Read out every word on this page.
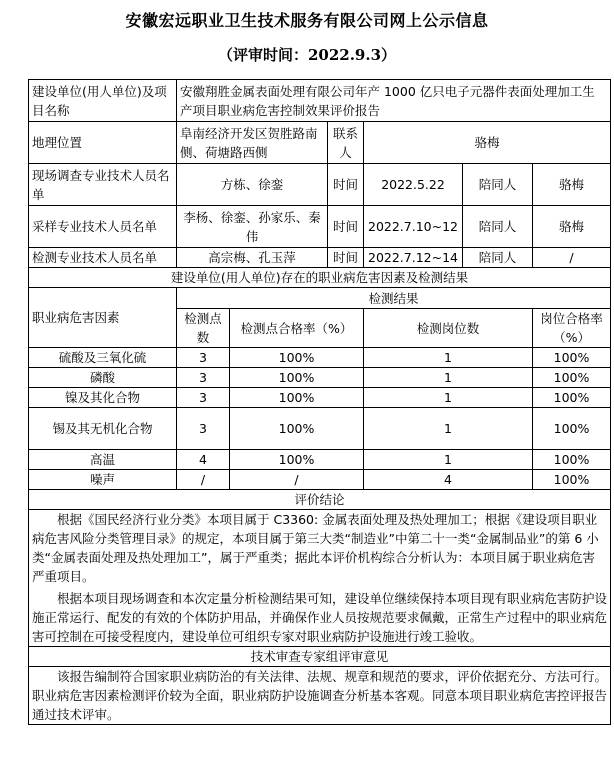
安徽宏远职业卫生技术服务有限公司网上公示信息
（评审时间：2022.9.3）
建设单位(用人单位)及项目名称	安徽翔胜金属表面处理有限公司年产 1000 亿只电子元器件表面处理加工生产项目职业病危害控制效果评价报告					
地理位置	阜南经济开发区贺胜路南侧、荷塘路西侧		联系人	骆梅		
现场调查专业技术人员名单	方栋、徐銮		时间	2022.5.22	陪同人	骆梅
采样专业技术人员名单	李杨、徐銮、孙家乐、秦伟		时间	2022.7.10~12	陪同人	骆梅
检测专业技术人员名单	高宗梅、孔玉萍		时间	2022.7.12~14	陪同人	/
建设单位(用人单位)存在的职业病危害因素及检测结果						
职业病危害因素	检测结果					
	检测点数	检测点合格率（%）		检测岗位数		岗位合格率（%）
硫酸及三氧化硫	3	100%		1		100%
磷酸	3	100%		1		100%
镍及其化合物	3	100%		1		100%
锡及其无机化合物	3	100%		1		100%
高温	4	100%		1		100%
噪声	/	/		4		100%
评价结论						

根据《国民经济行业分类》本项目属于 C3360: 金属表面处理及热处理加工；根据《建设项目职业病危害风险分类管理目录》的规定，本项目属于第三大类“制造业”中第二十一类“金属制品业”的第 6 小类“金属表面处理及热处理加工”，属于严重类；据此本评价机构综合分析认为：本项目属于职业病危害严重项目。
根据本项目现场调查和本次定量分析检测结果可知，建设单位继续保持本项目现有职业病危害防护设施正常运行、配发的有效的个体防护用品，并确保作业人员按规范要求佩戴，正常生产过程中的职业病危害可控制在可接受程度内，建设单位可组织专家对职业病防护设施进行竣工验收。						

技术审查专家组评审意见						

该报告编制符合国家职业病防治的有关法律、法规、规章和规范的要求，评价依据充分、方法可行。职业病危害因素检测评价较为全面，职业病防护设施调查分析基本客观。同意本项目职业病危害控评报告通过技术评审。						
